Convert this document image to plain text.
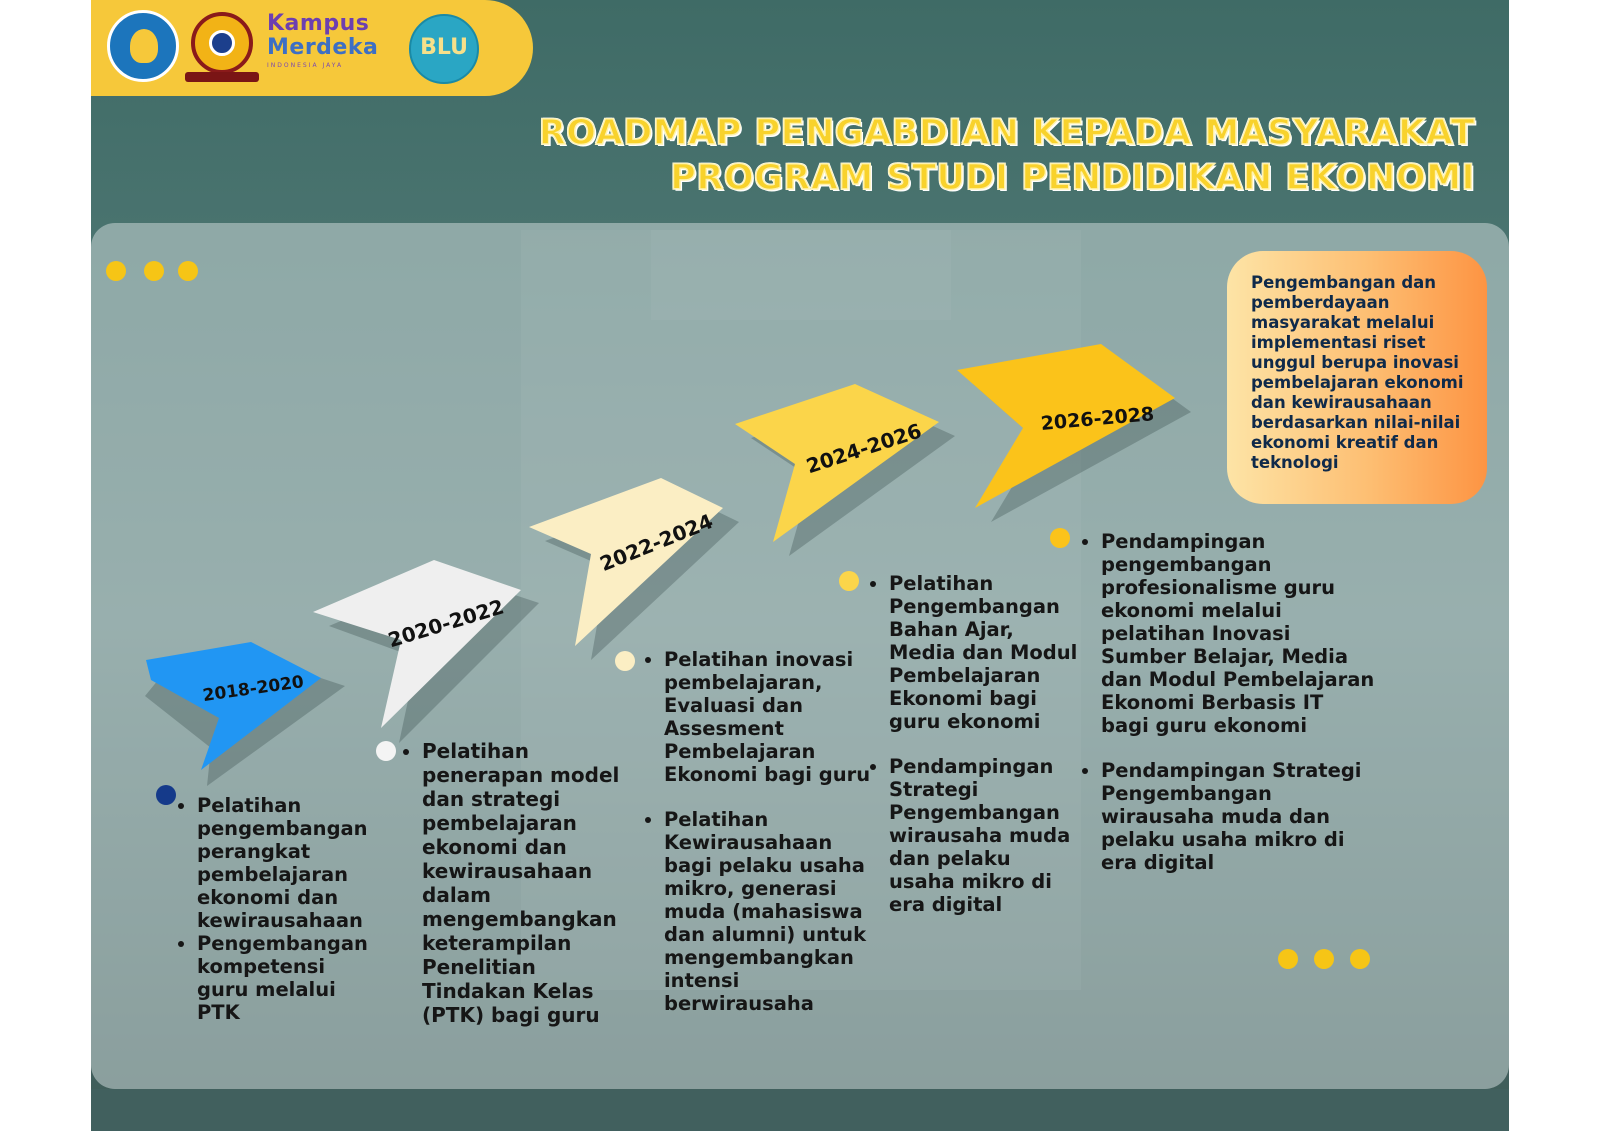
Kampus
Merdeka
INDONESIA JAYA
BLU
ROADMAP PENGABDIAN KEPADA MASYARAKAT
PROGRAM STUDI PENDIDIKAN EKONOMI
2018-2020
2020-2022
2022-2024
2024-2026	2026-2028
• Pelatihan pengembangan perangkat pembelajaran ekonomi dan kewirausahaan
• Pengembangan kompetensi guru melalui PTK
• Pelatihan penerapan model dan strategi pembelajaran ekonomi dan kewirausahaan dalam mengembangkan keterampilan Penelitian Tindakan Kelas (PTK) bagi guru
• Pelatihan inovasi pembelajaran, Evaluasi dan Assesment Pembelajaran Ekonomi bagi guru
• Pelatihan Kewirausahaan bagi pelaku usaha mikro, generasi muda (mahasiswa dan alumni) untuk mengembangkan intensi berwirausaha
• Pelatihan Pengembangan Bahan Ajar, Media dan Modul Pembelajaran Ekonomi bagi guru ekonomi
• Pendampingan Strategi Pengembangan wirausaha muda dan pelaku usaha mikro di era digital
• Pendampingan pengembangan profesionalisme guru ekonomi melalui pelatihan Inovasi Sumber Belajar, Media dan Modul Pembelajaran Ekonomi Berbasis IT bagi guru ekonomi
• Pendampingan Strategi Pengembangan wirausaha muda dan pelaku usaha mikro di era digital
Pengembangan dan pemberdayaan masyarakat melalui implementasi riset unggul berupa inovasi pembelajaran ekonomi dan kewirausahaan berdasarkan nilai-nilai ekonomi kreatif dan teknologi
